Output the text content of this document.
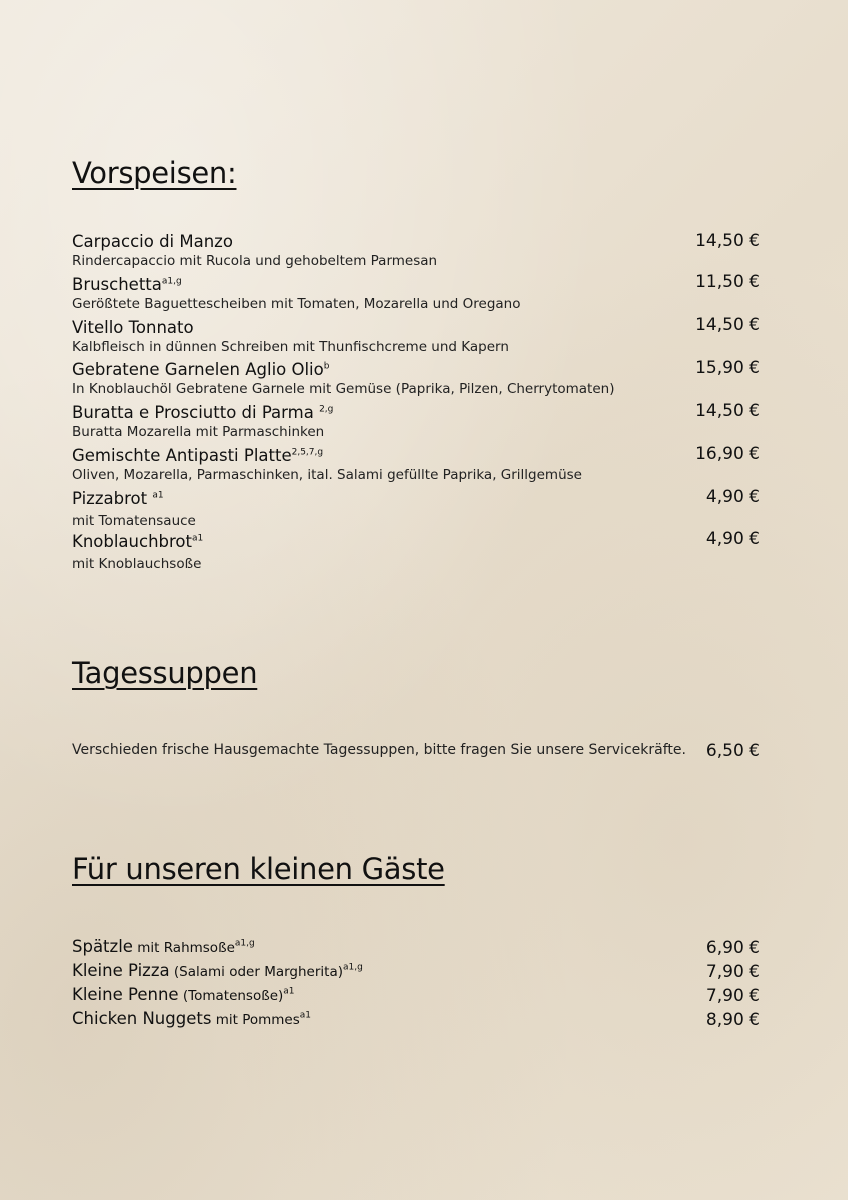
Vorspeisen:
Carpaccio di Manzo
Rindercapaccio mit Rucola und gehobeltem Parmesan
14,50 €
Bruschetta$^{a1,g}$
Gerößtete Baguettescheiben mit Tomaten, Mozarella und Oregano
11,50 €
Vitello Tonnato
Kalbfleisch in dünnen Schreiben mit Thunfischcreme und Kapern
14,50 €
Gebratene Garnelen Aglio Olio$^b$
In Knoblauchöl Gebratene Garnele mit Gemüse (Paprika, Pilzen, Cherrytomaten)
15,90 €
Buratta e Prosciutto di Parma $^{2,g}$
Buratta Mozarella mit Parmaschinken
14,50 €
Gemischte Antipasti Platte$^{2,5,7,g}$
Oliven, Mozarella, Parmaschinken, ital. Salami gefüllte Paprika, Grillgemüse
16,90 €
Pizzabrot $^{a1}$
mit Tomatensauce
4,90 €
Knoblauchbrot$^{a1}$
mit Knoblauchsoße
4,90 €
Tagessuppen
Verschieden frische Hausgemachte Tagessuppen, bitte fragen Sie unsere Servicekräfte. 6,50 €
Für unseren kleinen Gäste
Spätzle mit Rahmsoße$^{a1,g}$	6,90 €
Kleine Pizza (Salami oder Margherita)$^{a1,g}$	7,90 €
Kleine Penne (Tomatensoße)$^{a1}$	7,90 €
Chicken Nuggets mit Pommes$^{a1}$	8,90 €
